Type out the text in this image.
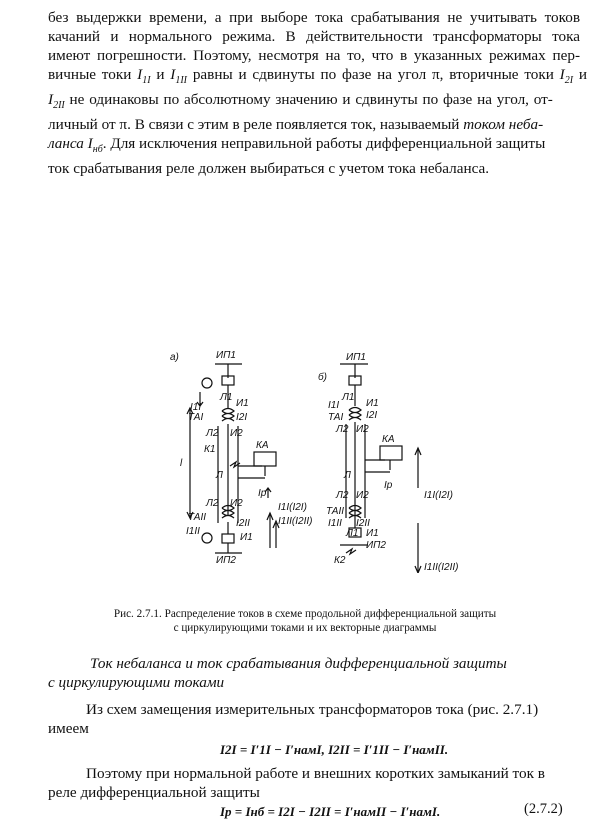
без выдержки времени, а при выборе тока срабатывания не учитывать токов
качаний и нормального режима. В действительности трансформаторы тока
имеют погрешности. Поэтому, несмотря на то, что в указанных режимах пер-
вичные токи $I_{1I}$ и $I_{1II}$ равны и сдвинуты по фазе на угол π, вторичные токи $I_{2I}$ и
$I_{2II}$ не одинаковы по абсолютному значению и сдвинуты по фазе на угол, от-
личный от π. В связи с этим в реле появляется ток, называемый током неба-
ланса $I_{нб}$. Для исключения неправильной работы дифференциальной защиты
ток срабатывания реле должен выбираться с учетом тока небаланса.
а)	ИП1
Л1
И1
I1I
ТАI	I2I
Л2 И2
КА
К1
l
Л
Iр
Л2 И2
ТАII
I2II
I1II
И1
ИП2
I1I(I2I)
I1II(I2II)
б)
ИП1
Л1
I1I	И1
ТАI I2I
Л2 И2
КА
Л
Iр
Л2 И2
ТАII
I1II I2II
Л1 И1
ИП2
К2
I1I(I2I)
I1II(I2II)
Рис. 2.7.1. Распределение токов в схеме продольной дифференциальной защиты
с циркулирующими токами и их векторные диаграммы
Ток небаланса и ток срабатывания дифференциальной защиты
с циркулирующими токами
Из схем замещения измерительных трансформаторов тока (рис. 2.7.1)
имеем
I2I = I′1I − I′намI, I2II = I′1II − I′намII.
Поэтому при нормальной работе и внешних коротких замыканий ток в
реле дифференциальной защиты
Iр = Iнб = I2I − I2II = I′намII − I′намI.	(2.7.2)
